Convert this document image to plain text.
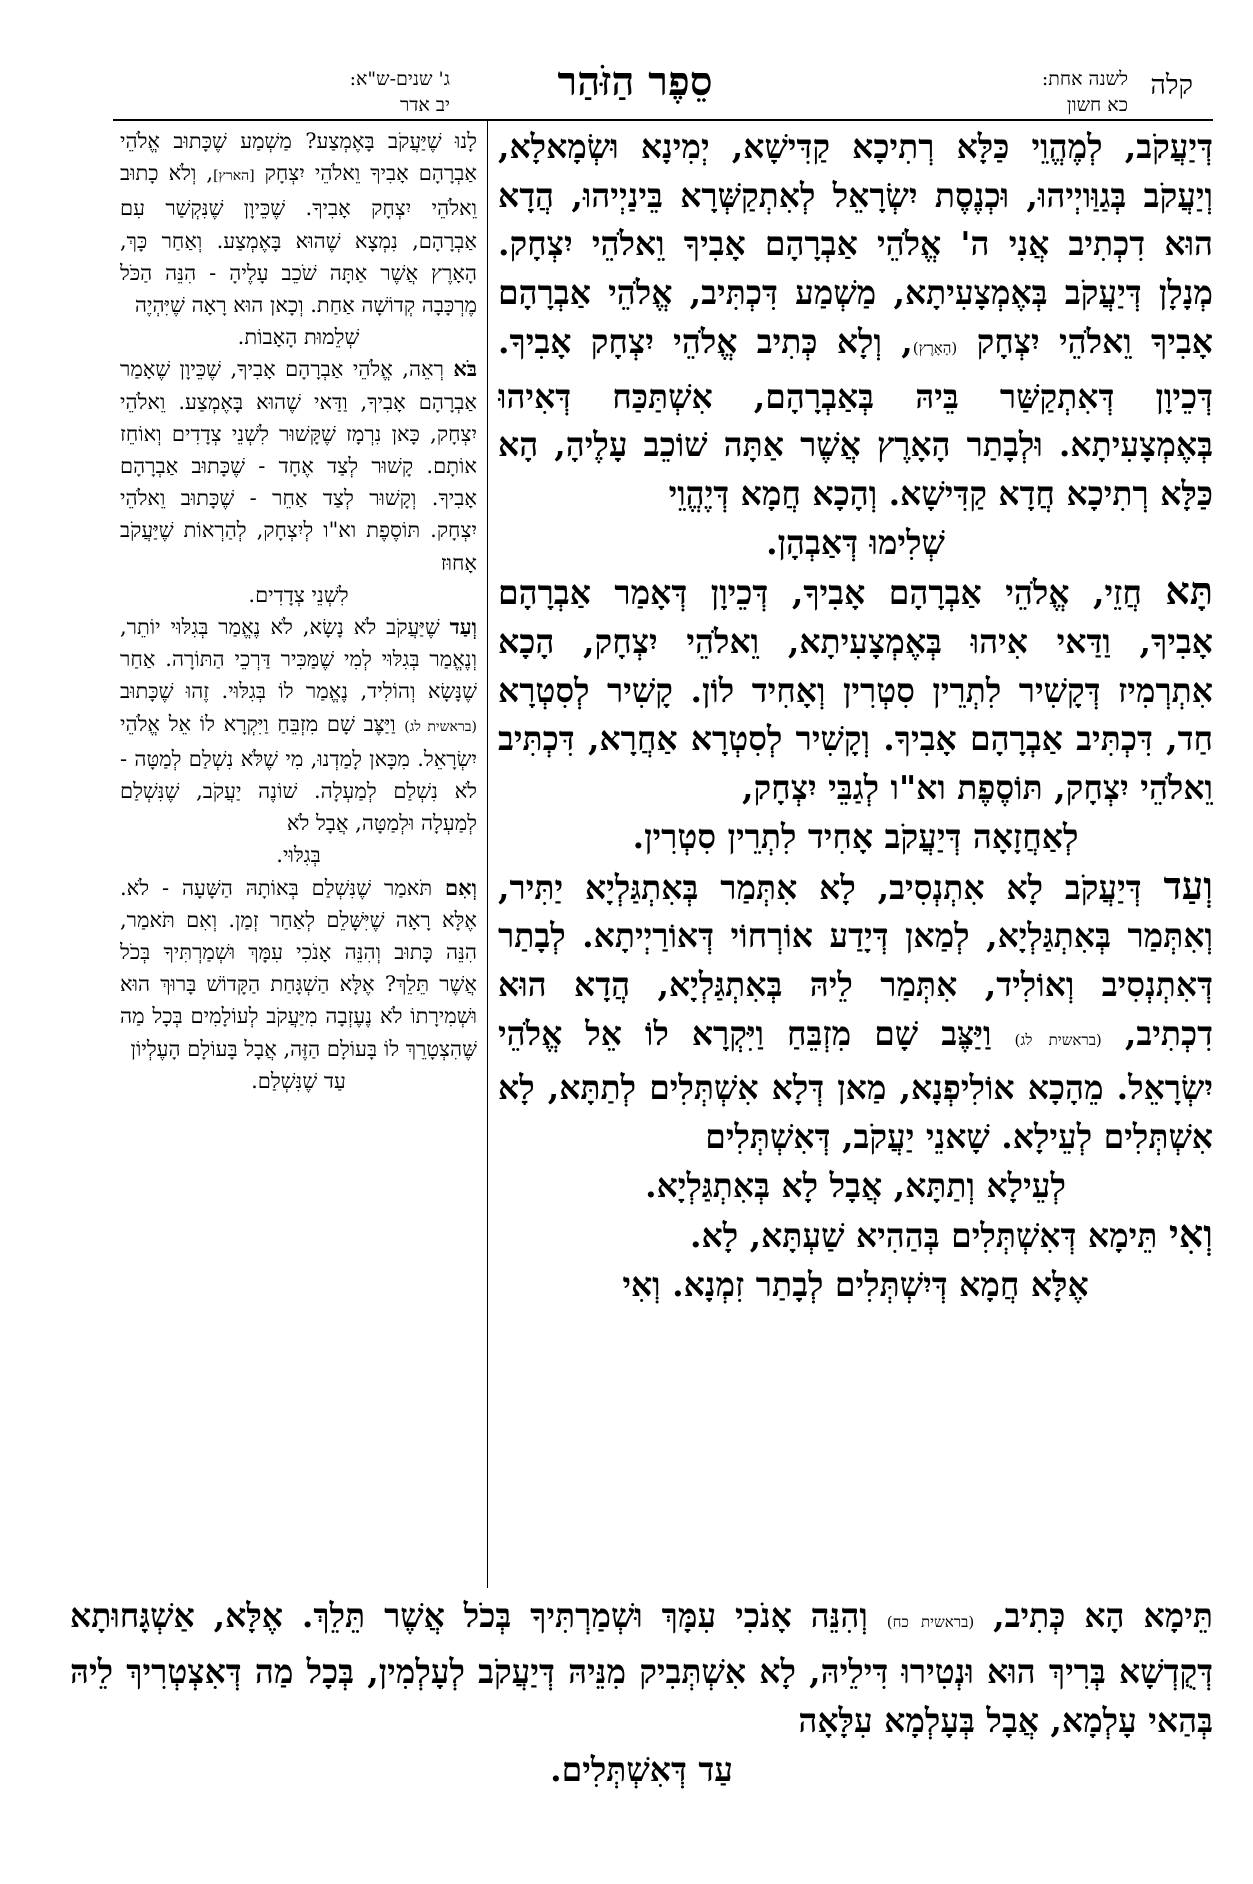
קלה
לשנה אחת:
כא חשון
סֵפֶר הַזֹּהַר
ג' שנים-ש"א:
יב אדר

דְּיַעֲקֹב, לְמֶהֱוֵי כַּלָּא רְתִיכָא קַדִּישָׁא, יְמִינָא וּשְׂמָאלָא, וְיַעֲקֹב בְּגַוַּויְיהוּ, וּכְנֶסֶת יִשְׂרָאֵל לְאִתְקַשְּׁרָא בֵּינַיְיהוּ, הֲדָא הוּא דִכְתִיב אֲנִי ה' אֱלֹהֵי אַבְרָהָם אָבִיךָ וֵאלֹהֵי יִצְחָק. מְנָלָן דְּיַעֲקֹב בְּאֶמְצָעִיתָא, מַשְׁמַע דִּכְתִּיב, אֱלֹהֵי אַבְרָהָם אָבִיךָ וֵאלֹהֵי יִצְחָק (הָאָרֶץ), וְלָא כְּתִיב אֱלֹהֵי יִצְחָק אָבִיךָ. דְּכֵיוָן דְּאִתְקַשַּׁר בֵּיהּ בְּאַבְרָהָם, אִשְׁתַּכַּח דְּאִיהוּ בְּאֶמְצָעִיתָא. וּלְבָתַר הָאָרֶץ אֲשֶׁר אַתָּה שׁוֹכֵב עָלֶיהָ, הָא כַּלָּא רְתִיכָא חֲדָא קַדִּישָׁא. וְהָכָא חֲמָא דְּיֶהֱוֵי

שְׁלִימוּ דְּאַבְהָן.

תָּא חֲזֵי, אֱלֹהֵי אַבְרָהָם אָבִיךָ, דְּכֵיוָן דְּאָמַר אַבְרָהָם אָבִיךָ, וַדַּאי אִיהוּ בְּאֶמְצָעִיתָא, וֵאלֹהֵי יִצְחָק, הָכָא אִתְרְמִיז דְּקָשִׁיר לִתְרֵין סִטְרִין וְאָחִיד לוֹן. קָשִׁיר לְסִטְרָא חַד, דִּכְתִּיב אַבְרָהָם אָבִיךָ. וְקָשִׁיר לְסִטְרָא אַחֲרָא, דִּכְתִּיב וֵאלֹהֵי יִצְחָק, תּוֹסֶפֶת וא"ו לְגַבֵּי יִצְחָק,

לְאַחֲזָאָה דְּיַעֲקֹב אָחִיד לִתְרֵין סִטְרִין.

וְעַד דְּיַעֲקֹב לָא אִתְנְסִיב, לָא אִתְּמַר בְּאִתְגַּלְיָא יַתִּיר, וְאִתְּמַר בְּאִתְגַּלְיָא, לְמַאן דְּיָדַע אוֹרְחוֹי דְּאוֹרַיְיתָא. לְבָתַר דְּאִתְנְסִיב וְאוֹלִיד, אִתְּמַר לֵיהּ בְּאִתְגַּלְיָא, הֲדָא הוּא דִכְתִיב, (בראשית לג) וַיַּצֶּב שָׁם מִזְבֵּחַ וַיִּקְרָא לוֹ אֵל אֱלֹהֵי יִשְׂרָאֵל. מֵהָכָא אוֹלִיפְנָא, מַאן דְּלָא אִשְׁתְּלִים לְתַתָּא, לָא אִשְׁתְּלִים לְעֵילָא. שָׁאנֵי יַעֲקֹב, דְּאִשְׁתְּלִים

לְעֵילָא וְתַתָּא, אֲבָל לָא בְּאִתְגַּלְיָא.

וְאִי תֵּימָא דְּאִשְׁתְּלִים בְּהַהִיא שַׁעְתָּא, לָא.

אֶלָּא חֲמָא דְּיִשְׁתְּלִים לְבָתַר זִמְנָא. וְאִי

לָנוּ שֶׁיַּעֲקֹב בָּאֶמְצַע? מַשְׁמַע שֶׁכָּתוּב אֱלֹהֵי אַבְרָהָם אָבִיךָ וֵאלֹהֵי יִצְחָק [הארץ], וְלֹא כָתוּב וֵאלֹהֵי יִצְחָק אָבִיךָ. שֶׁכֵּיוָן שֶׁנִּקְשַׁר עִם אַבְרָהָם, נִמְצָא שֶׁהוּא בָּאֶמְצַע. וְאַחַר כָּךְ, הָאָרֶץ אֲשֶׁר אַתָּה שֹׁכֵב עָלֶיהָ - הִנֵּה הַכֹּל מֶרְכָּבָה קְדוֹשָׁה אַחַת. וְכָאן הוּא רָאָה שֶׁיִּהְיֶה

שְׁלֵמוּת הָאָבוֹת.

בֹּא רְאֵה, אֱלֹהֵי אַבְרָהָם אָבִיךָ, שֶׁכֵּיוָן שֶׁאָמַר אַבְרָהָם אָבִיךָ, וַדַּאי שֶׁהוּא בָּאֶמְצַע. וֵאלֹהֵי יִצְחָק, כָּאן נִרְמָז שֶׁקָּשׁוּר לִשְׁנֵי צְדָדִים וְאוֹחֵז אוֹתָם. קָשׁוּר לְצַד אֶחָד - שֶׁכָּתוּב אַבְרָהָם אָבִיךָ. וְקָשׁוּר לְצַד אַחֵר - שֶׁכָּתוּב וֵאלֹהֵי יִצְחָק. תּוֹסֶפֶת וא"ו לְיִצְחָק, לְהַרְאוֹת שֶׁיַּעֲקֹב אָחוּז

לִשְׁנֵי צְדָדִים.

וְעַד שֶׁיַּעֲקֹב לֹא נָשָׂא, לֹא נֶאֱמַר בְּגִלּוּי יוֹתֵר, וְנֶאֱמַר בְּגִלּוּי לְמִי שֶׁמַּכִּיר דַּרְכֵי הַתּוֹרָה. אַחַר שֶׁנָּשָׂא וְהוֹלִיד, נֶאֱמַר לוֹ בְּגִלּוּי. זֶהוּ שֶׁכָּתוּב (בראשית לג) וַיַּצֶּב שָׁם מִזְבֵּחַ וַיִּקְרָא לוֹ אֵל אֱלֹהֵי יִשְׂרָאֵל. מִכָּאן לָמַדְנוּ, מִי שֶׁלֹּא נִשְׁלַם לְמַטָּה - לֹא נִשְׁלַם לְמַעְלָה. שׁוֹנֶה יַעֲקֹב, שֶׁנִּשְׁלַם לְמַעְלָה וּלְמַטָּה, אֲבָל לֹא

בְּגִלּוּי.

וְאִם תֹּאמַר שֶׁנִּשְׁלַם בְּאוֹתָהּ הַשָּׁעָה - לֹא. אֶלָּא רָאָה שֶׁיִּשָּׁלֵם לְאַחַר זְמַן. וְאִם תֹּאמַר, הִנֵּה כָּתוּב וְהִנֵּה אָנֹכִי עִמָּךְ וּשְׁמַרְתִּיךָ בְּכֹל אֲשֶׁר תֵּלֵךְ? אֶלָּא הַשְׁגָּחַת הַקָּדוֹשׁ בָּרוּךְ הוּא וּשְׁמִירָתוֹ לֹא נֶעֶזְבָה מִיַּעֲקֹב לְעוֹלָמִים בְּכָל מַה שֶּׁהִצְטָרֵךְ לוֹ בָּעוֹלָם הַזֶּה, אֲבָל בָּעוֹלָם הָעֶלְיוֹן

עַד שֶׁנִּשְׁלַם.

תֵּימָא הָא כְּתִיב, (בראשית כח) וְהִנֵּה אָנֹכִי עִמָּךְ וּשְׁמַרְתִּיךָ בְּכֹל אֲשֶׁר תֵּלֵךְ. אֶלָּא, אַשְׁגָּחוּתָא דְּקֻדְשָׁא בְּרִיךְ הוּא וּנְטִירוּ דִּילֵיהּ, לָא אִשְׁתְּבִיק מִנֵּיהּ דְּיַעֲקֹב לְעָלְמִין, בְּכָל מַה דְּאִצְטְרִיךְ לֵיהּ בְּהַאי עָלְמָא, אֲבָל בְּעָלְמָא עִלָּאָה

עַד דְּאִשְׁתְּלִים.
